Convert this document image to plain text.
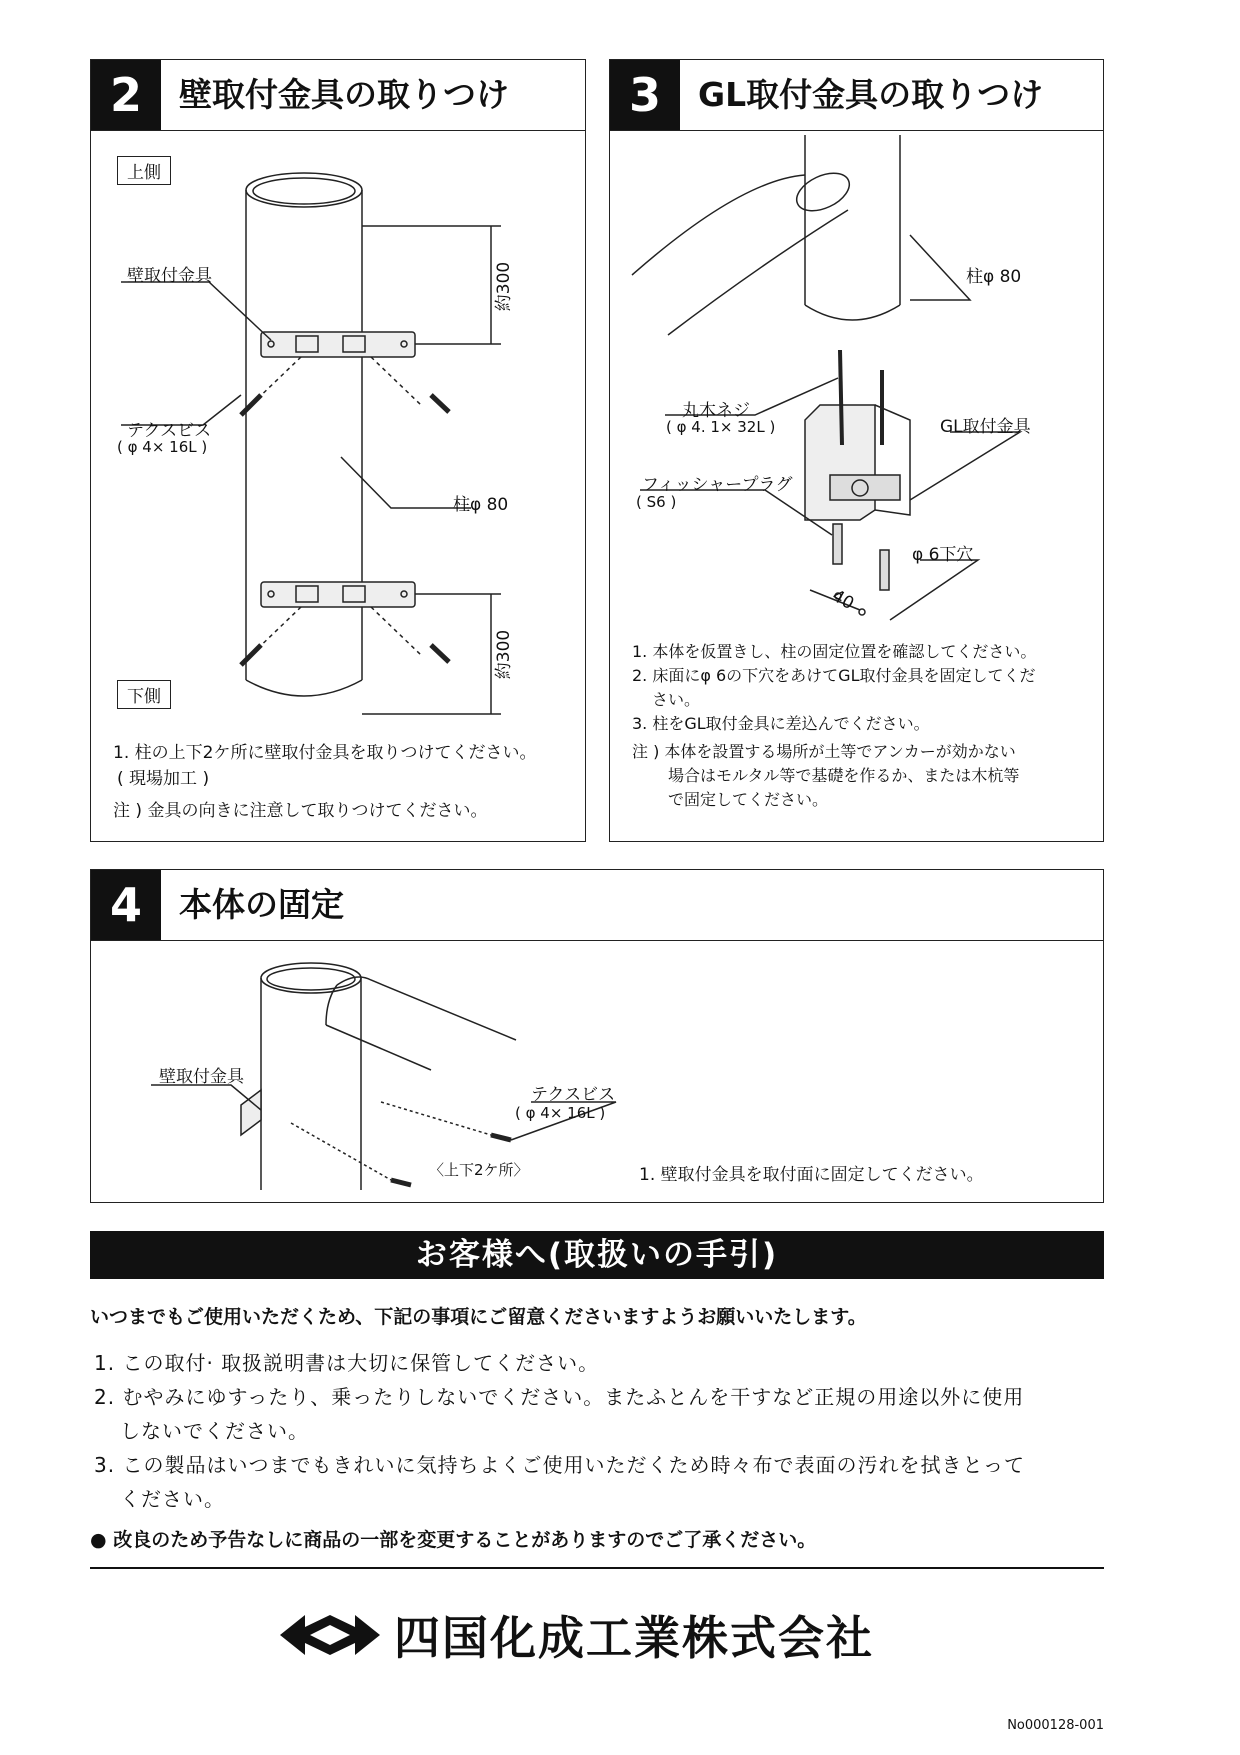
2	壁取付金具の取りつけ
上側
下側
壁取付金具
テクスビス
( φ 4× 16L )
柱φ 80
約300
約300
1. 柱の上下2ケ所に壁取付金具を取りつけてください。
( 現場加工 )
注 ) 金具の向きに注意して取りつけてください。
3	GL取付金具の取りつけ
柱φ 80
丸木ネジ
( φ 4. 1× 32L )	GL取付金具
フィッシャープラグ
( S6 )
φ 6下穴
40
1. 本体を仮置きし、柱の固定位置を確認してください。
2. 床面にφ 6の下穴をあけてGL取付金具を固定してくだ
さい。
3. 柱をGL取付金具に差込んでください。
注 ) 本体を設置する場所が土等でアンカーが効かない
場合はモルタル等で基礎を作るか、または木杭等
で固定してください。
4	本体の固定
壁取付金具
テクスビス
( φ 4× 16L )
〈上下2ケ所〉	1. 壁取付金具を取付面に固定してください。
お客様へ(取扱いの手引)
いつまでもご使用いただくため、下記の事項にご留意くださいますようお願いいたします。
1. この取付· 取扱説明書は大切に保管してください。
2. むやみにゆすったり、乗ったりしないでください。またふとんを干すなど正規の用途以外に使用
しないでください。
3. この製品はいつまでもきれいに気持ちよくご使用いただくため時々布で表面の汚れを拭きとって
ください。
● 改良のため予告なしに商品の一部を変更することがありますのでご了承ください。
四国化成工業株式会社
No000128-001
